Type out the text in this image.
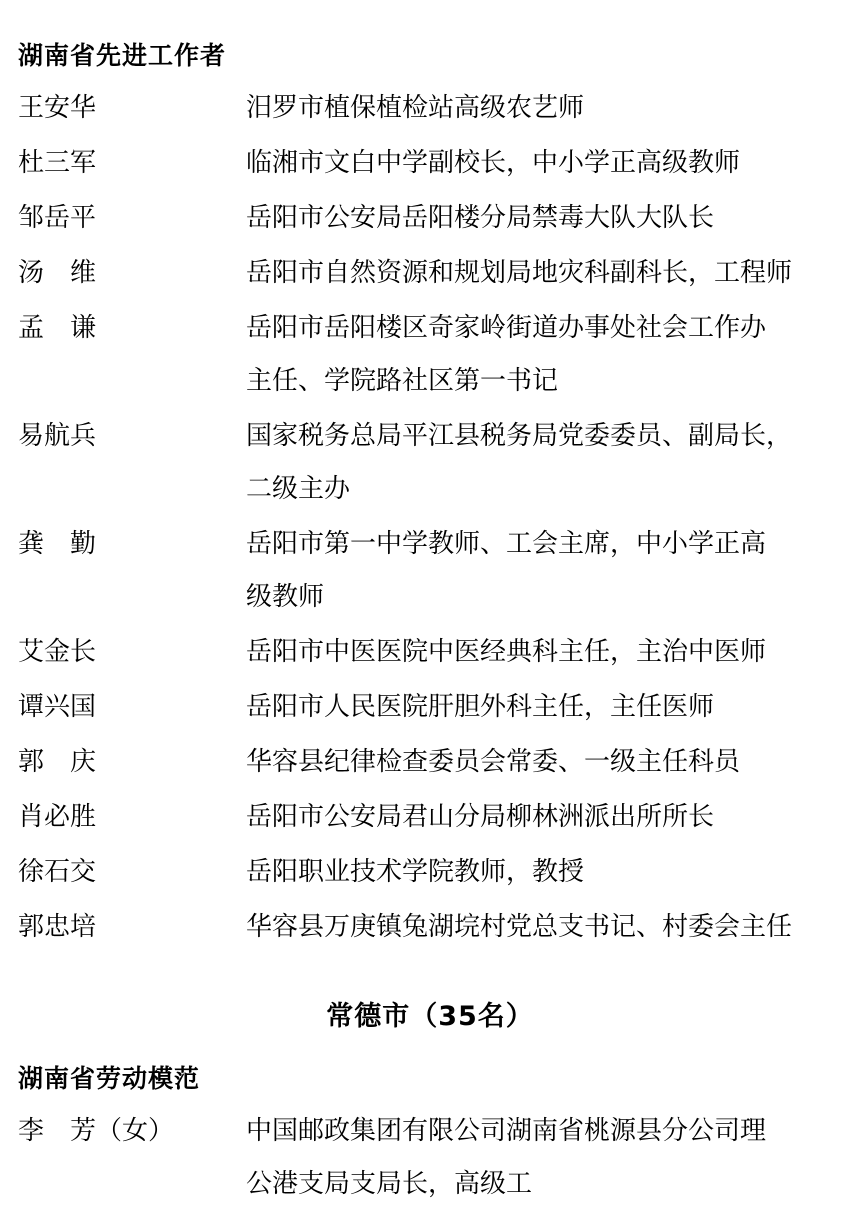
湖南省先进工作者
王安华	汨罗市植保植检站高级农艺师
杜三军	临湘市文白中学副校长，中小学正高级教师
邹岳平	岳阳市公安局岳阳楼分局禁毒大队大队长
汤　维	岳阳市自然资源和规划局地灾科副科长，工程师
孟　谦	岳阳市岳阳楼区奇家岭街道办事处社会工作办
主任、学院路社区第一书记
易航兵	国家税务总局平江县税务局党委委员、副局长，
二级主办
龚　勤	岳阳市第一中学教师、工会主席，中小学正高
级教师
艾金长	岳阳市中医医院中医经典科主任，主治中医师
谭兴国	岳阳市人民医院肝胆外科主任，主任医师
郭　庆	华容县纪律检查委员会常委、一级主任科员
肖必胜	岳阳市公安局君山分局柳林洲派出所所长
徐石交	岳阳职业技术学院教师，教授
郭忠培	华容县万庚镇兔湖垸村党总支书记、村委会主任
常德市（35名）
湖南省劳动模范
李　芳（女）	中国邮政集团有限公司湖南省桃源县分公司理
公港支局支局长，高级工
